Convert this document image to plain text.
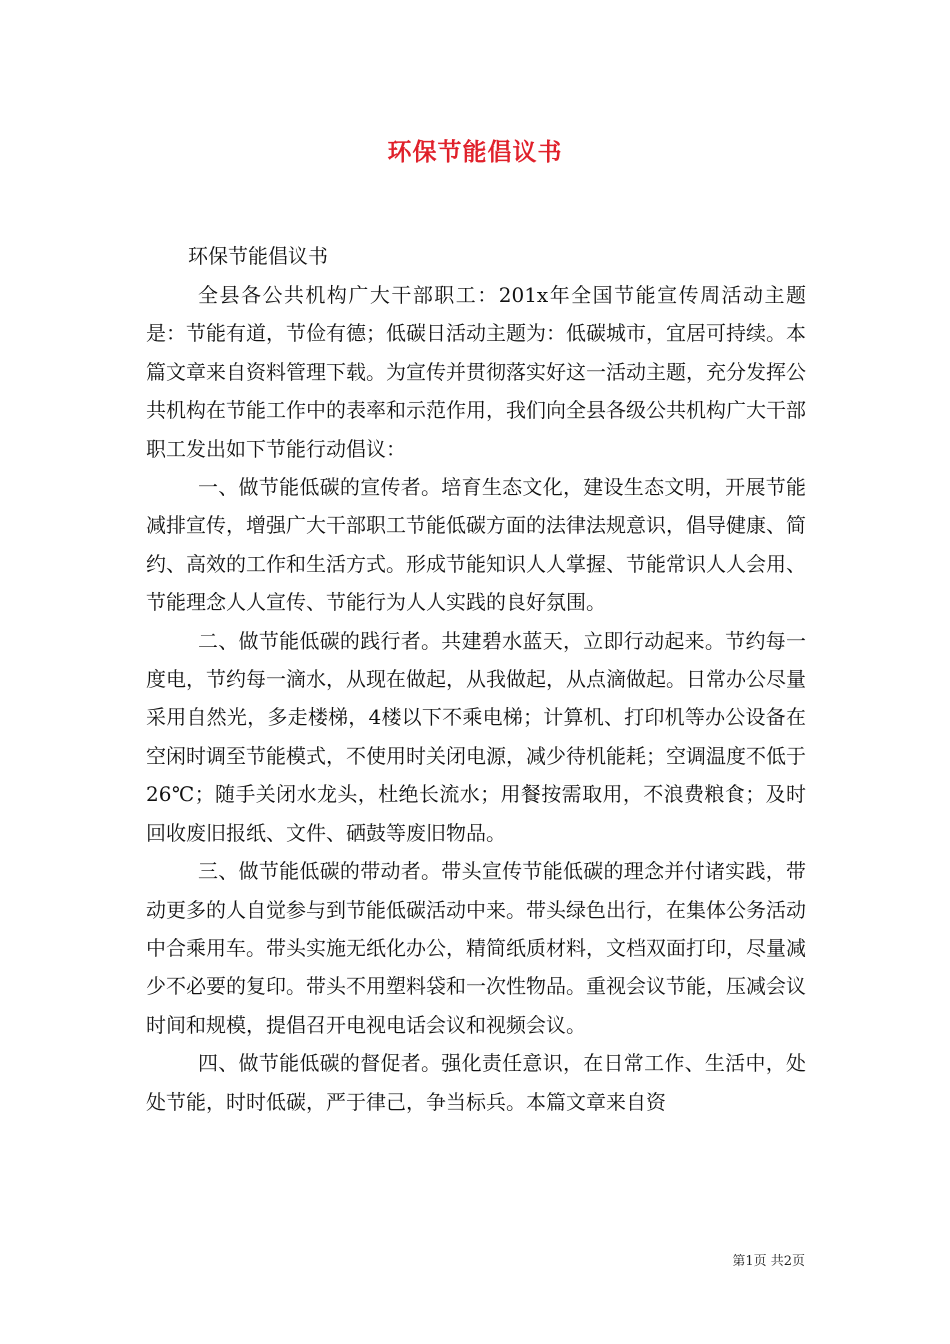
环保节能倡议书
环保节能倡议书

全县各公共机构广大干部职工：201x年全国节能宣传周活动主题是：节能有道，节俭有德；低碳日活动主题为：低碳城市，宜居可持续。本篇文章来自资料管理下载。为宣传并贯彻落实好这一活动主题，充分发挥公共机构在节能工作中的表率和示范作用，我们向全县各级公共机构广大干部职工发出如下节能行动倡议：

一、做节能低碳的宣传者。培育生态文化，建设生态文明，开展节能减排宣传，增强广大干部职工节能低碳方面的法律法规意识，倡导健康、简约、高效的工作和生活方式。形成节能知识人人掌握、节能常识人人会用、节能理念人人宣传、节能行为人人实践的良好氛围。

二、做节能低碳的践行者。共建碧水蓝天，立即行动起来。节约每一度电，节约每一滴水，从现在做起，从我做起，从点滴做起。日常办公尽量采用自然光，多走楼梯，4楼以下不乘电梯；计算机、打印机等办公设备在空闲时调至节能模式，不使用时关闭电源，减少待机能耗；空调温度不低于26℃；随手关闭水龙头，杜绝长流水；用餐按需取用，不浪费粮食；及时回收废旧报纸、文件、硒鼓等废旧物品。

三、做节能低碳的带动者。带头宣传节能低碳的理念并付诸实践，带动更多的人自觉参与到节能低碳活动中来。带头绿色出行，在集体公务活动中合乘用车。带头实施无纸化办公，精简纸质材料，文档双面打印，尽量减少不必要的复印。带头不用塑料袋和一次性物品。重视会议节能，压减会议时间和规模，提倡召开电视电话会议和视频会议。

四、做节能低碳的督促者。强化责任意识，在日常工作、生活中，处处节能，时时低碳，严于律己，争当标兵。本篇文章来自资

第1页 共2页
